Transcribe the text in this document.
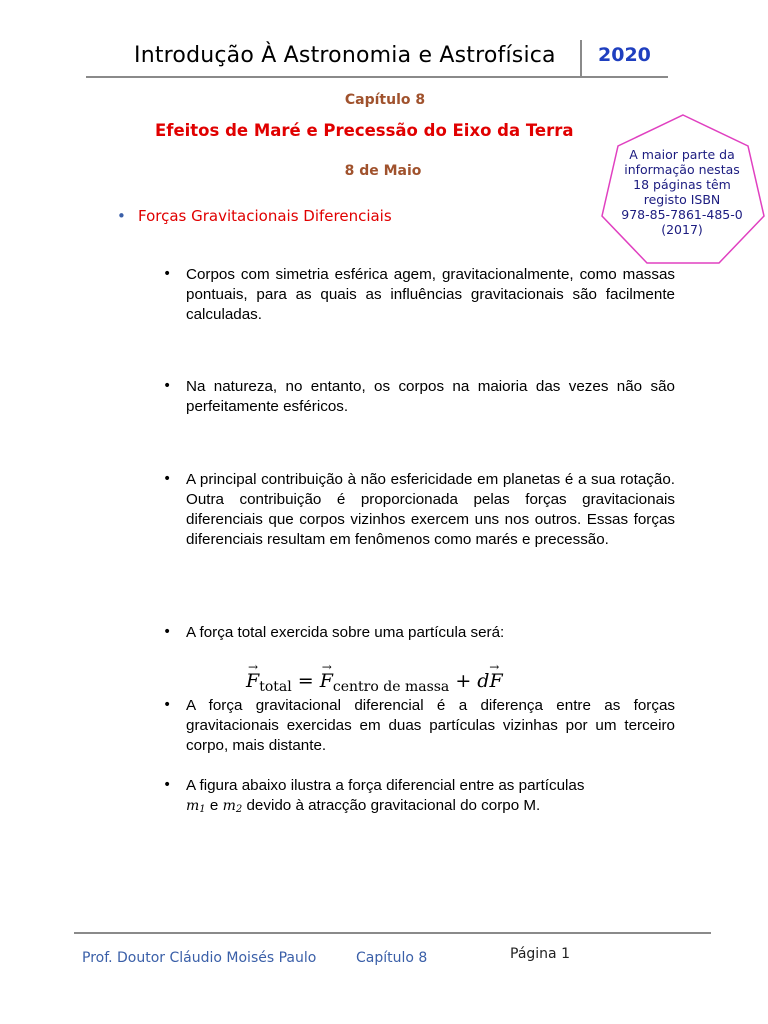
Introdução À Astronomia e Astrofísica 2020
Capítulo 8
Efeitos de Maré e Precessão do Eixo da Terra
8 de Maio
A maior parte da
informação nestas
18 páginas têm
registo ISBN
978-85-7861-485-0
(2017)
• Forças Gravitacionais Diferenciais
• Corpos com simetria esférica agem, gravitacionalmente, como massas pontuais, para as quais as influências gravitacionais são facilmente calculadas.
• Na natureza, no entanto, os corpos na maioria das vezes não são perfeitamente esféricos.
• A principal contribuição à não esfericidade em planetas é a sua rotação. Outra contribuição é proporcionada pelas forças gravitacionais diferenciais que corpos vizinhos exercem uns nos outros. Essas forças diferenciais resultam em fenômenos como marés e precessão.
• A força total exercida sobre uma partícula será:
→
$F_{total}$ =
→
$F_{centro de massa}$ +
→
dF
• A força gravitacional diferencial é a diferença entre as forças gravitacionais exercidas em duas partículas vizinhas por um terceiro corpo, mais distante.
• A figura abaixo ilustra a força diferencial entre as partículas
m1 e m2 devido à atracção gravitacional do corpo M.
Prof. Doutor Cláudio Moisés Paulo	Capítulo 8	Página 1
